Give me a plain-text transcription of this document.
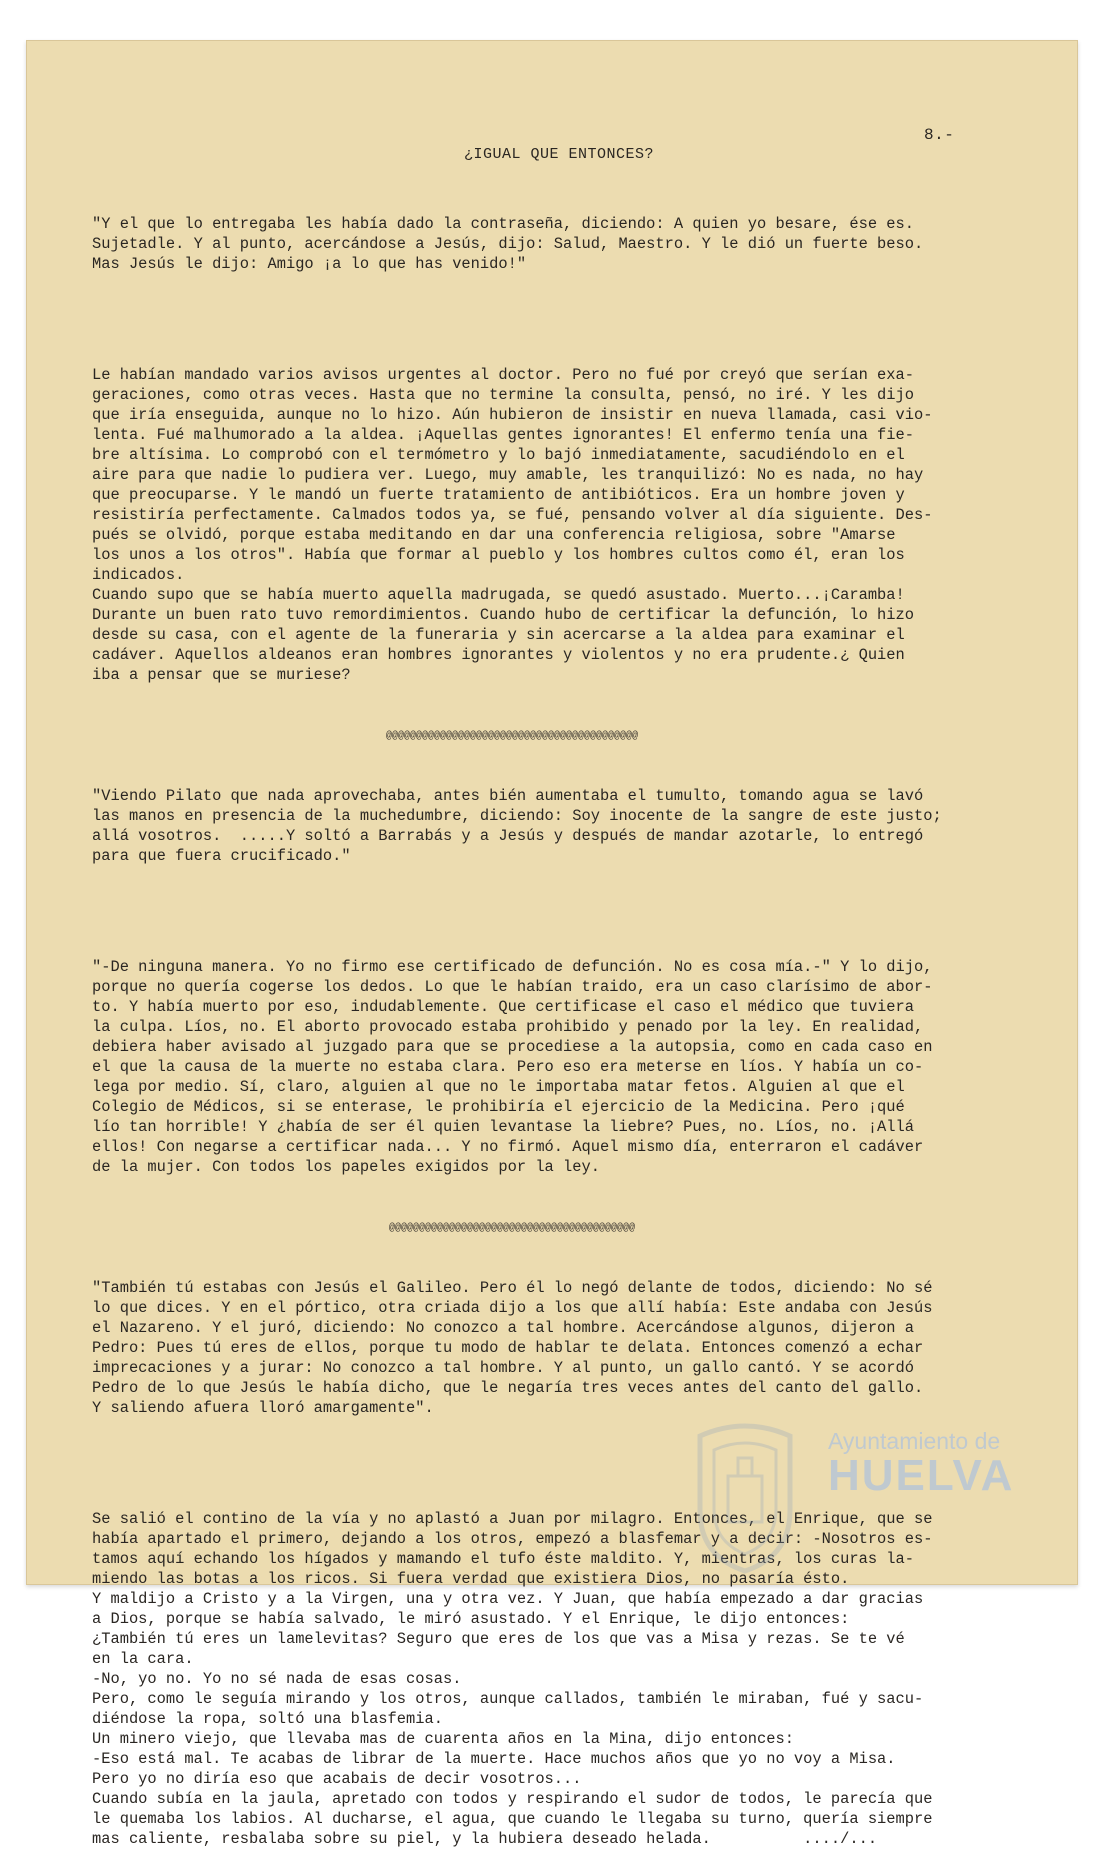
8.-
¿IGUAL QUE ENTONCES?

"Y el que lo entregaba les había dado la contraseña, diciendo: A quien yo besare, ése es.
Sujetadle. Y al punto, acercándose a Jesús, dijo: Salud, Maestro. Y le dió un fuerte beso.
Mas Jesús le dijo: Amigo ¡a lo que has venido!"

Le habían mandado varios avisos urgentes al doctor. Pero no fué por creyó que serían exa-
geraciones, como otras veces. Hasta que no termine la consulta, pensó, no iré. Y les dijo
que iría enseguida, aunque no lo hizo. Aún hubieron de insistir en nueva llamada, casi vio-
lenta. Fué malhumorado a la aldea. ¡Aquellas gentes ignorantes! El enfermo tenía una fie-
bre altísima. Lo comprobó con el termómetro y lo bajó inmediatamente, sacudiéndolo en el
aire para que nadie lo pudiera ver. Luego, muy amable, les tranquilizó: No es nada, no hay
que preocuparse. Y le mandó un fuerte tratamiento de antibióticos. Era un hombre joven y
resistiría perfectamente. Calmados todos ya, se fué, pensando volver al día siguiente. Des-
pués se olvidó, porque estaba meditando en dar una conferencia religiosa, sobre "Amarse
los unos a los otros". Había que formar al pueblo y los hombres cultos como él, eran los
indicados.
Cuando supo que se había muerto aquella madrugada, se quedó asustado. Muerto...¡Caramba!
Durante un buen rato tuvo remordimientos. Cuando hubo de certificar la defunción, lo hizo
desde su casa, con el agente de la funeraria y sin acercarse a la aldea para examinar el
cadáver. Aquellos aldeanos eran hombres ignorantes y violentos y no era prudente.¿ Quien
iba a pensar que se muriese?

@@@@@@@@@@@@@@@@@@@@@@@@@@@@@@@@@@@@@@@@@@

"Viendo Pilato que nada aprovechaba, antes bién aumentaba el tumulto, tomando agua se lavó
las manos en presencia de la muchedumbre, diciendo: Soy inocente de la sangre de este justo;
allá vosotros.  .....Y soltó a Barrabás y a Jesús y después de mandar azotarle, lo entregó
para que fuera crucificado."

"-De ninguna manera. Yo no firmo ese certificado de defunción. No es cosa mía.-" Y lo dijo,
porque no quería cogerse los dedos. Lo que le habían traido, era un caso clarísimo de abor-
to. Y había muerto por eso, indudablemente. Que certificase el caso el médico que tuviera
la culpa. Líos, no. El aborto provocado estaba prohibido y penado por la ley. En realidad,
debiera haber avisado al juzgado para que se procediese a la autopsia, como en cada caso en
el que la causa de la muerte no estaba clara. Pero eso era meterse en líos. Y había un co-
lega por medio. Sí, claro, alguien al que no le importaba matar fetos. Alguien al que el
Colegio de Médicos, si se enterase, le prohibiría el ejercicio de la Medicina. Pero ¡qué
lío tan horrible! Y ¿había de ser él quien levantase la liebre? Pues, no. Líos, no. ¡Allá
ellos! Con negarse a certificar nada... Y no firmó. Aquel mismo día, enterraron el cadáver
de la mujer. Con todos los papeles exigidos por la ley.

@@@@@@@@@@@@@@@@@@@@@@@@@@@@@@@@@@@@@@@@@

"También tú estabas con Jesús el Galileo. Pero él lo negó delante de todos, diciendo: No sé
lo que dices. Y en el pórtico, otra criada dijo a los que allí había: Este andaba con Jesús
el Nazareno. Y el juró, diciendo: No conozco a tal hombre. Acercándose algunos, dijeron a
Pedro: Pues tú eres de ellos, porque tu modo de hablar te delata. Entonces comenzó a echar
imprecaciones y a jurar: No conozco a tal hombre. Y al punto, un gallo cantó. Y se acordó
Pedro de lo que Jesús le había dicho, que le negaría tres veces antes del canto del gallo.
Y saliendo afuera lloró amargamente".

Se salió el contino de la vía y no aplastó a Juan por milagro. Entonces, el Enrique, que se
había apartado el primero, dejando a los otros, empezó a blasfemar y a decir: -Nosotros es-
tamos aquí echando los hígados y mamando el tufo éste maldito. Y, mientras, los curas la-
miendo las botas a los ricos. Si fuera verdad que existiera Dios, no pasaría ésto.
Y maldijo a Cristo y a la Virgen, una y otra vez. Y Juan, que había empezado a dar gracias
a Dios, porque se había salvado, le miró asustado. Y el Enrique, le dijo entonces:
¿También tú eres un lamelevitas? Seguro que eres de los que vas a Misa y rezas. Se te vé
en la cara.
-No, yo no. Yo no sé nada de esas cosas.
Pero, como le seguía mirando y los otros, aunque callados, también le miraban, fué y sacu-
diéndose la ropa, soltó una blasfemia.
Un minero viejo, que llevaba mas de cuarenta años en la Mina, dijo entonces:
-Eso está mal. Te acabas de librar de la muerte. Hace muchos años que yo no voy a Misa.
Pero yo no diría eso que acabais de decir vosotros...
Cuando subía en la jaula, apretado con todos y respirando el sudor de todos, le parecía que
le quemaba los labios. Al ducharse, el agua, que cuando le llegaba su turno, quería siempre
mas caliente, resbalaba sobre su piel, y la hubiera deseado helada.          ..../...

Ayuntamiento de
HUELVA
